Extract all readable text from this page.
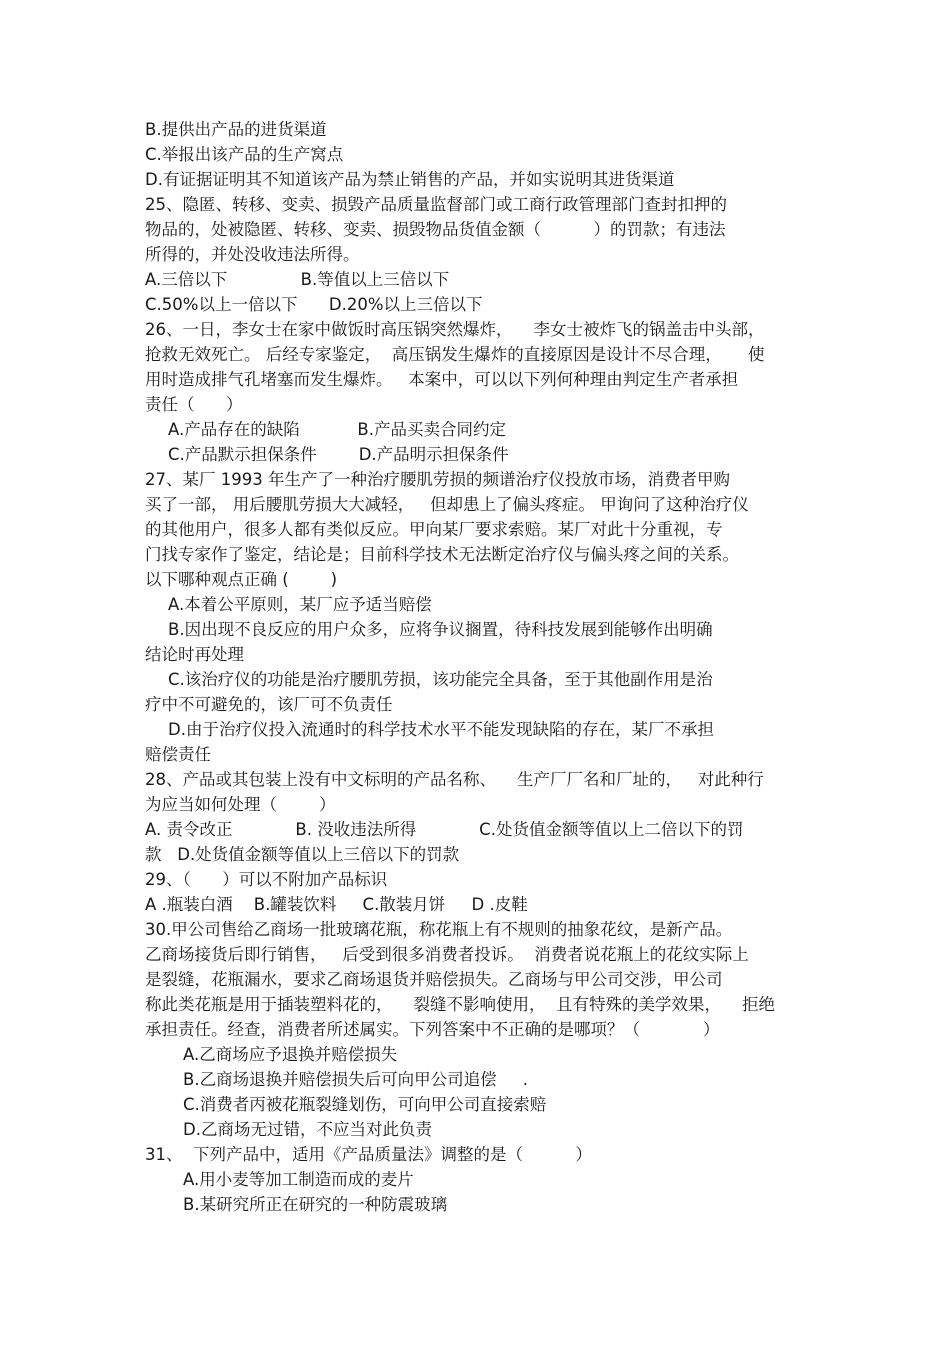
B.提供出产品的进货渠道

C.举报出该产品的生产窝点

D.有证据证明其不知道该产品为禁止销售的产品，并如实说明其进货渠道

25、隐匿、转移、变卖、损毁产品质量监督部门或工商行政管理部门查封扣押的

物品的，处被隐匿、转移、变卖、损毁物品货值金额（          ）的罚款；有违法

所得的，并处没收违法所得。

A.三倍以下              B.等值以上三倍以下

C.50%以上一倍以下      D.20%以上三倍以下

26、一日，李女士在家中做饭时高压锅突然爆炸，    李女士被炸飞的锅盖击中头部，

抢救无效死亡。 后经专家鉴定，  高压锅发生爆炸的直接原因是设计不尽合理，     使

用时造成排气孔堵塞而发生爆炸。   本案中，可以以下列何种理由判定生产者承担

责任（      ）

A.产品存在的缺陷           B.产品买卖合同约定

C.产品默示担保条件        D.产品明示担保条件

27、某厂 1993 年生产了一种治疗腰肌劳损的频谱治疗仪投放市场，消费者甲购

买了一部， 用后腰肌劳损大大减轻，   但却患上了偏头疼症。 甲询问了这种治疗仪

的其他用户，很多人都有类似反应。甲向某厂要求索赔。某厂对此十分重视，专

门找专家作了鉴定，结论是；目前科学技术无法断定治疗仪与偏头疼之间的关系。

以下哪种观点正确 (        )

A.本着公平原则，某厂应予适当赔偿

B.因出现不良反应的用户众多，应将争议搁置，待科技发展到能够作出明确

结论时再处理

C.该治疗仪的功能是治疗腰肌劳损，该功能完全具备，至于其他副作用是治

疗中不可避免的，该厂可不负责任

D.由于治疗仪投入流通时的科学技术水平不能发现缺陷的存在，某厂不承担

赔偿责任

28、产品或其包装上没有中文标明的产品名称、    生产厂厂名和厂址的，   对此种行

为应当如何处理（        ）

A. 责令改正            B. 没收违法所得            C.处货值金额等值以上二倍以下的罚

款   D.处货值金额等值以上三倍以下的罚款

29、（      ）可以不附加产品标识

A .瓶装白酒    B.罐装饮料     C.散装月饼     D .皮鞋

30.甲公司售给乙商场一批玻璃花瓶，称花瓶上有不规则的抽象花纹，是新产品。

乙商场接货后即行销售，   后受到很多消费者投诉。  消费者说花瓶上的花纹实际上

是裂缝，花瓶漏水，要求乙商场退货并赔偿损失。乙商场与甲公司交涉，甲公司

称此类花瓶是用于插装塑料花的，    裂缝不影响使用，  且有特殊的美学效果，    拒绝

承担责任。经查，消费者所述属实。下列答案中不正确的是哪项？（            ）

A.乙商场应予退换并赔偿损失

B.乙商场退换并赔偿损失后可向甲公司追偿     .

C.消费者丙被花瓶裂缝划伤，可向甲公司直接索赔

D.乙商场无过错，不应当对此负责

31、  下列产品中，适用《产品质量法》调整的是（          ）

A.用小麦等加工制造而成的麦片

B.某研究所正在研究的一种防震玻璃
